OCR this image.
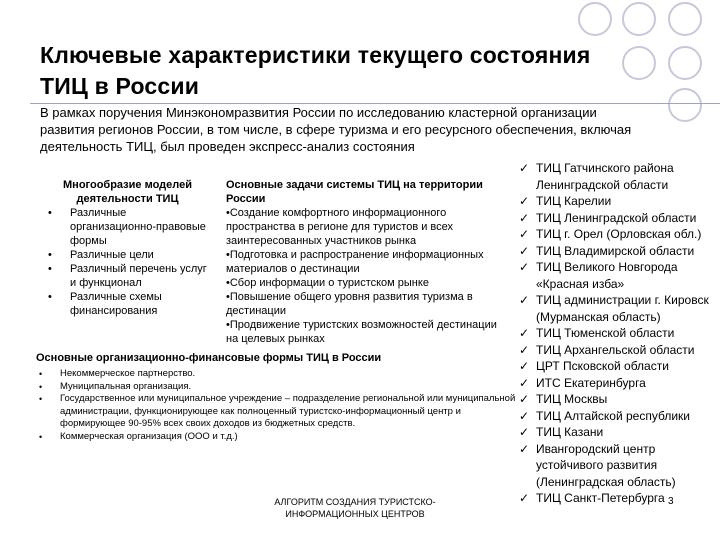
Ключевые характеристики текущего состояния ТИЦ в России
В рамках поручения Минэкономразвития России по исследованию кластерной организации развития регионов России, в том числе, в сфере туризма и его ресурсного обеспечения, включая деятельность ТИЦ, был проведен экспресс-анализ состояния
Многообразие моделей деятельности ТИЦ
• Различные организационно-правовые формы
• Различные цели
• Различный перечень услуг и функционал
• Различные схемы финансирования
Основные задачи системы ТИЦ на территории России
•Создание комфортного информационного пространства в регионе для туристов и всех заинтересованных участников рынка
•Подготовка и распространение информационных материалов о дестинации
•Сбор информации о туристском рынке
•Повышение общего уровня развития туризма в дестинации
•Продвижение туристских возможностей дестинации на целевых рынках
Основные организационно-финансовые формы ТИЦ в России
• Некоммерческое партнерство.
• Муниципальная организация.
• Государственное или муниципальное учреждение – подразделение региональной или муниципальной администрации, функционирующее как полноценный туристско-информационный центр и формирующее 90-95% всех своих доходов из бюджетных средств.
• Коммерческая организация (ООО и т.д.)
✓ ТИЦ Гатчинского района Ленинградской области
✓ ТИЦ Карелии
✓ ТИЦ Ленинградской области
✓ ТИЦ г. Орел (Орловская обл.)
✓ ТИЦ Владимирской области
✓ ТИЦ Великого Новгорода «Красная изба»
✓ ТИЦ администрации г. Кировск (Мурманская область)
✓ ТИЦ Тюменской области
✓ ТИЦ Архангельской области
✓ ЦРТ Псковской области
✓ ИТС Екатеринбурга
✓ ТИЦ Москвы
✓ ТИЦ Алтайской республики
✓ ТИЦ Казани
✓ Ивангородский центр устойчивого развития (Ленинградская область)
✓ ТИЦ Санкт-Петербурга
АЛГОРИТМ СОЗДАНИЯ ТУРИСТСКО-ИНФОРМАЦИОННЫХ ЦЕНТРОВ
3
